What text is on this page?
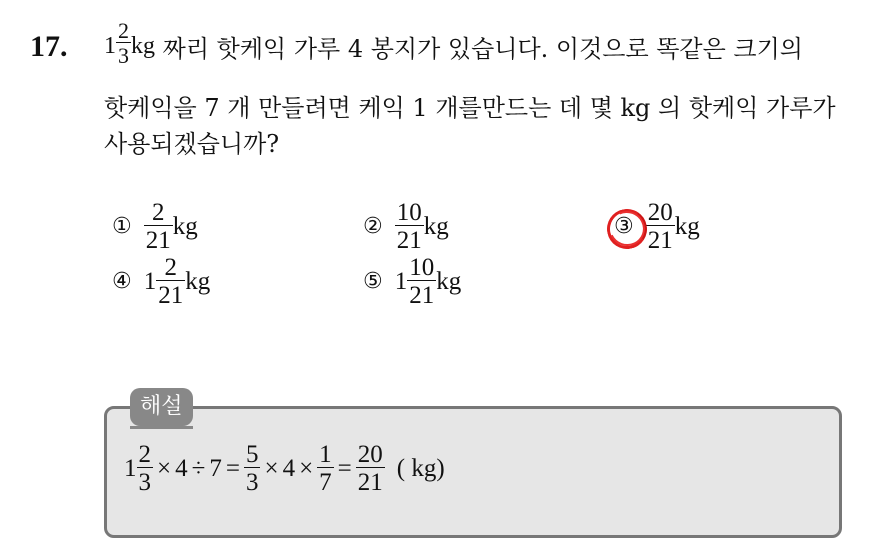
17. $1 \frac{2}{3}$ kg 짜리 핫케익 가루 4 봉지가 있습니다. 이것으로 똑같은 크기의
핫케익을 7 개 만들려면 케익 1 개를만드는 데 몇 kg 의 핫케익 가루가
사용되겠습니까?
① $\frac{2}{21}$ kg	② $\frac{10}{21}$ kg	③ $\frac{20}{21}$ kg
④ $1 \frac{2}{21}$ kg	⑤ $1 \frac{10}{21}$ kg
해설
$1 \frac{2}{3} \times 4 \div 7 = \frac{5}{3} \times 4 \times \frac{1}{7} = \frac{20}{21}$ ( kg)
